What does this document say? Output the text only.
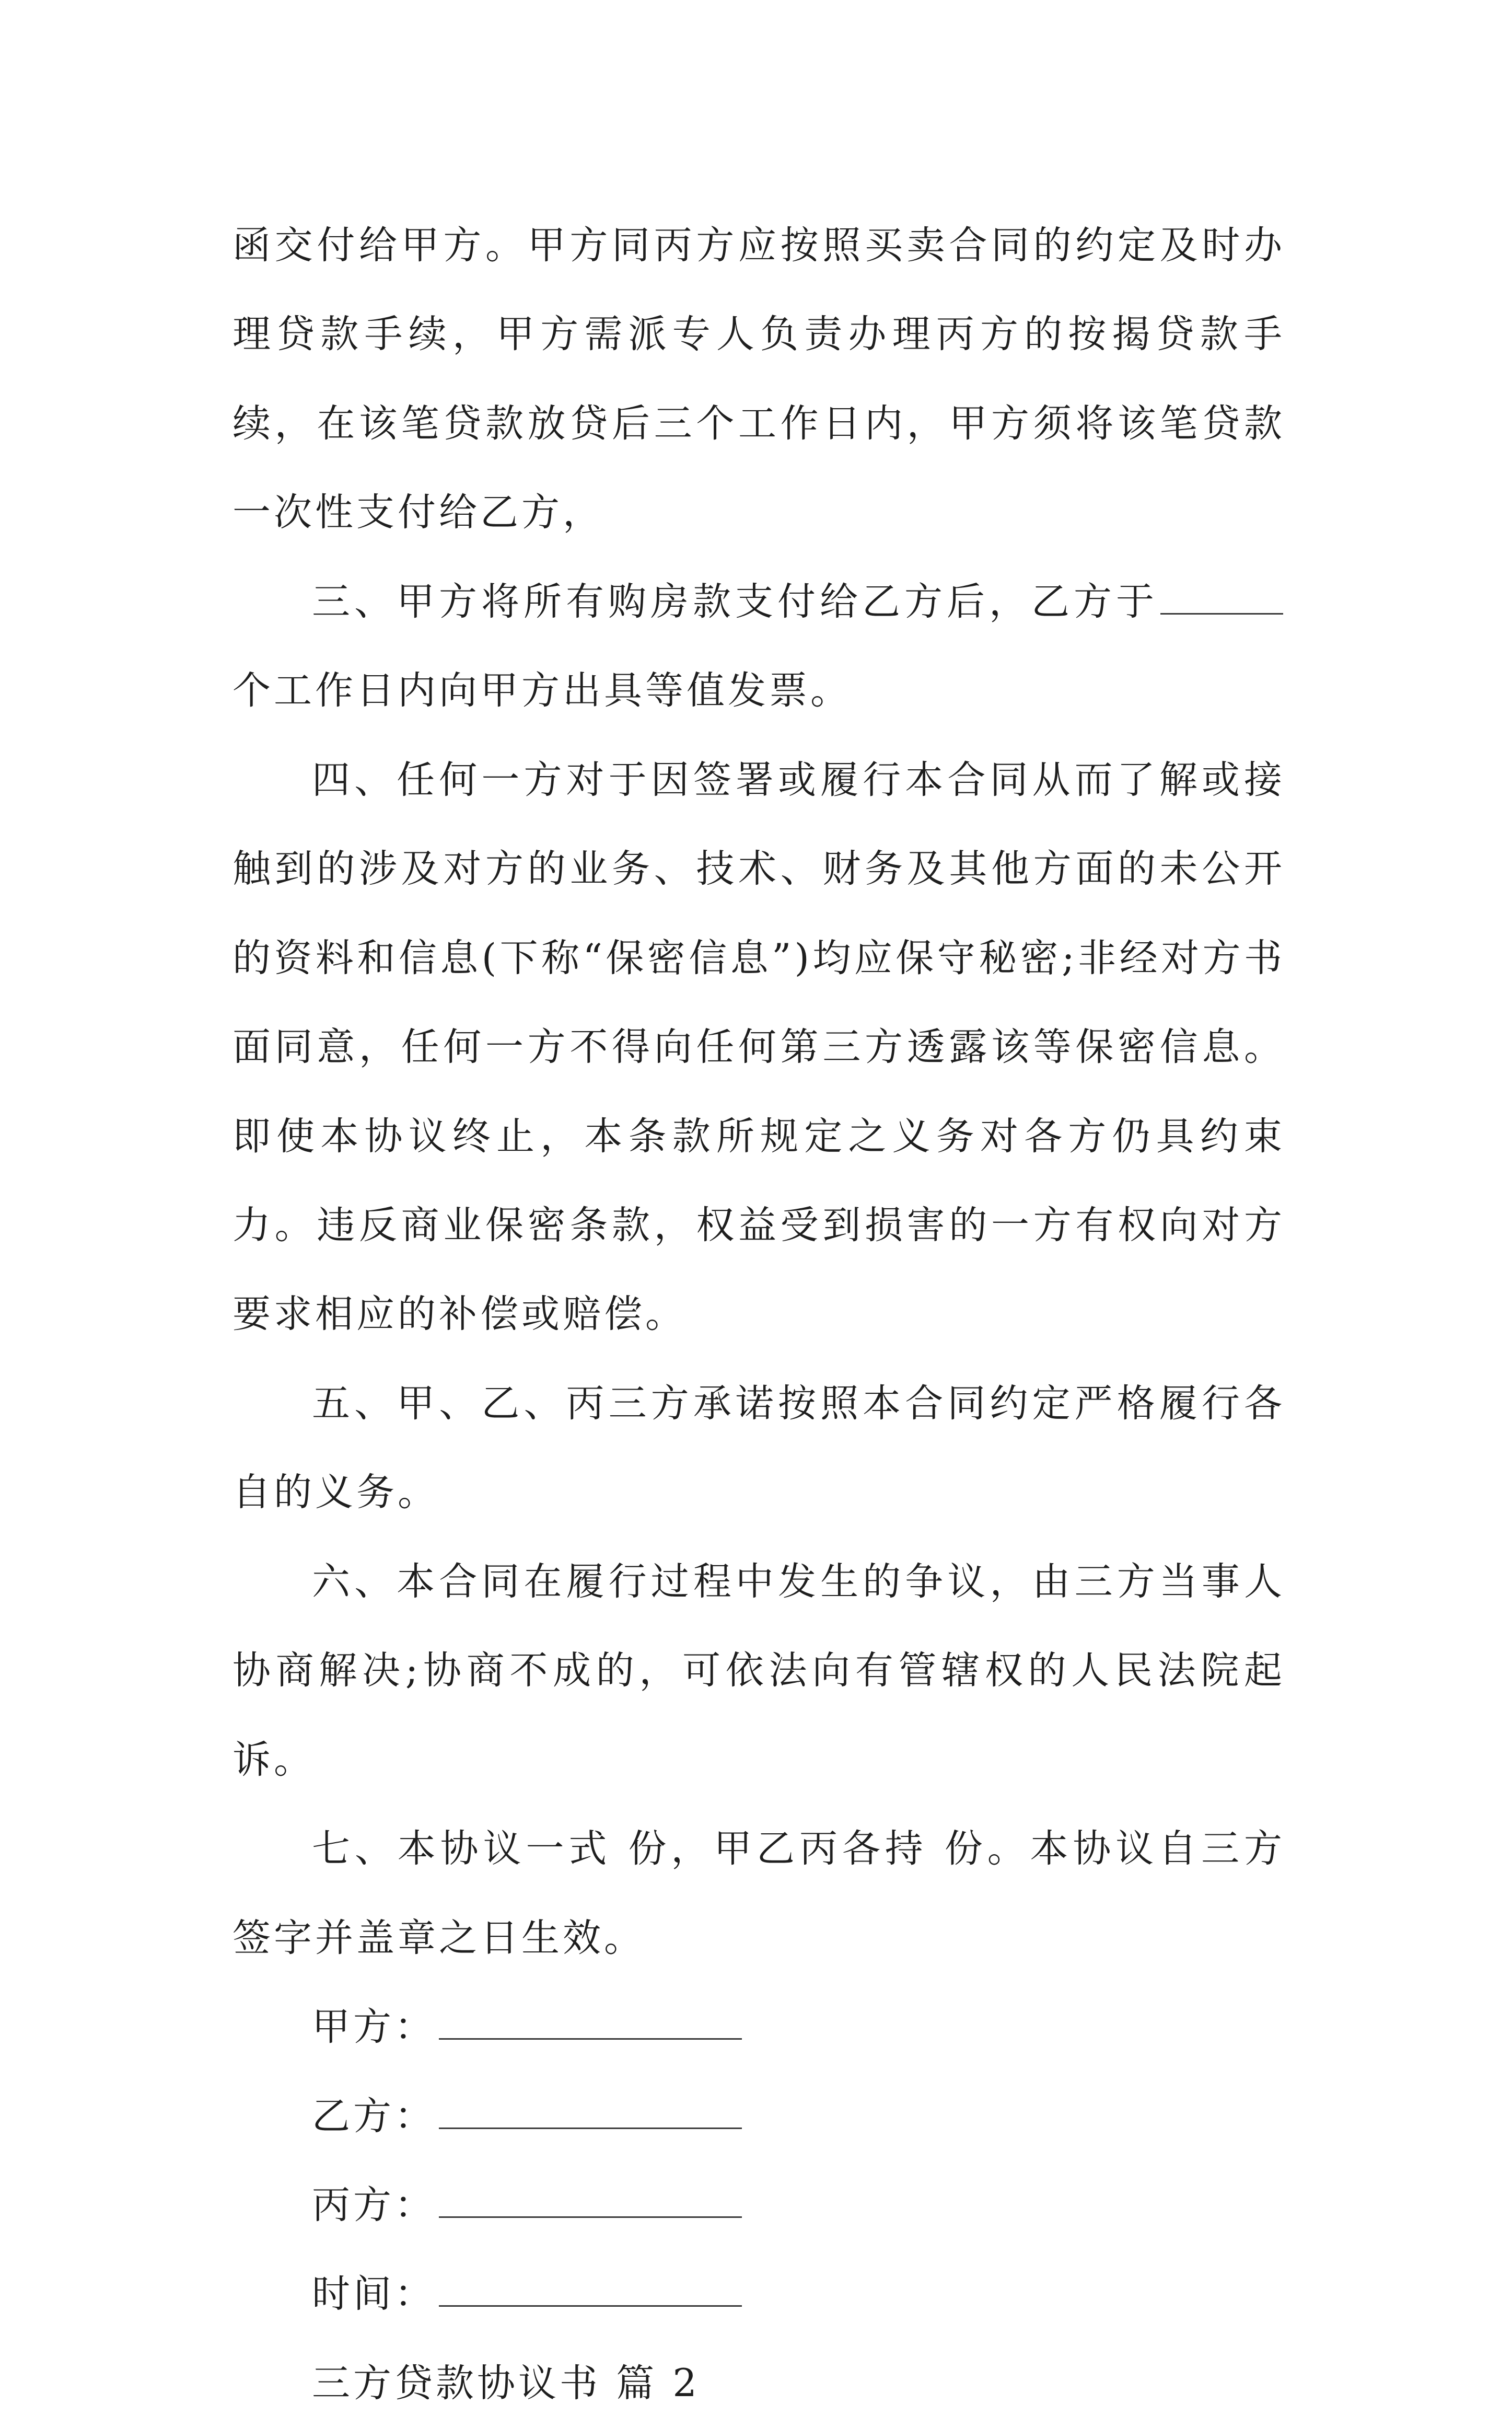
函交付给甲方。甲方同丙方应按照买卖合同的约定及时办理贷款手续，甲方需派专人负责办理丙方的按揭贷款手续，在该笔贷款放贷后三个工作日内，甲方须将该笔贷款一次性支付给乙方，

三、甲方将所有购房款支付给乙方后，乙方于个工作日内向甲方出具等值发票。

四、任何一方对于因签署或履行本合同从而了解或接触到的涉及对方的业务、技术、财务及其他方面的未公开的资料和信息(下称“保密信息”)均应保守秘密;非经对方书面同意，任何一方不得向任何第三方透露该等保密信息。即使本协议终止，本条款所规定之义务对各方仍具约束力。违反商业保密条款，权益受到损害的一方有权向对方要求相应的补偿或赔偿。

五、甲、乙、丙三方承诺按照本合同约定严格履行各自的义务。

六、本合同在履行过程中发生的争议，由三方当事人协商解决;协商不成的，可依法向有管辖权的人民法院起诉。

七、本协议一式 份，甲乙丙各持 份。本协议自三方签字并盖章之日生效。

甲方：
乙方：
丙方：
时间：
三方贷款协议书 篇 2
